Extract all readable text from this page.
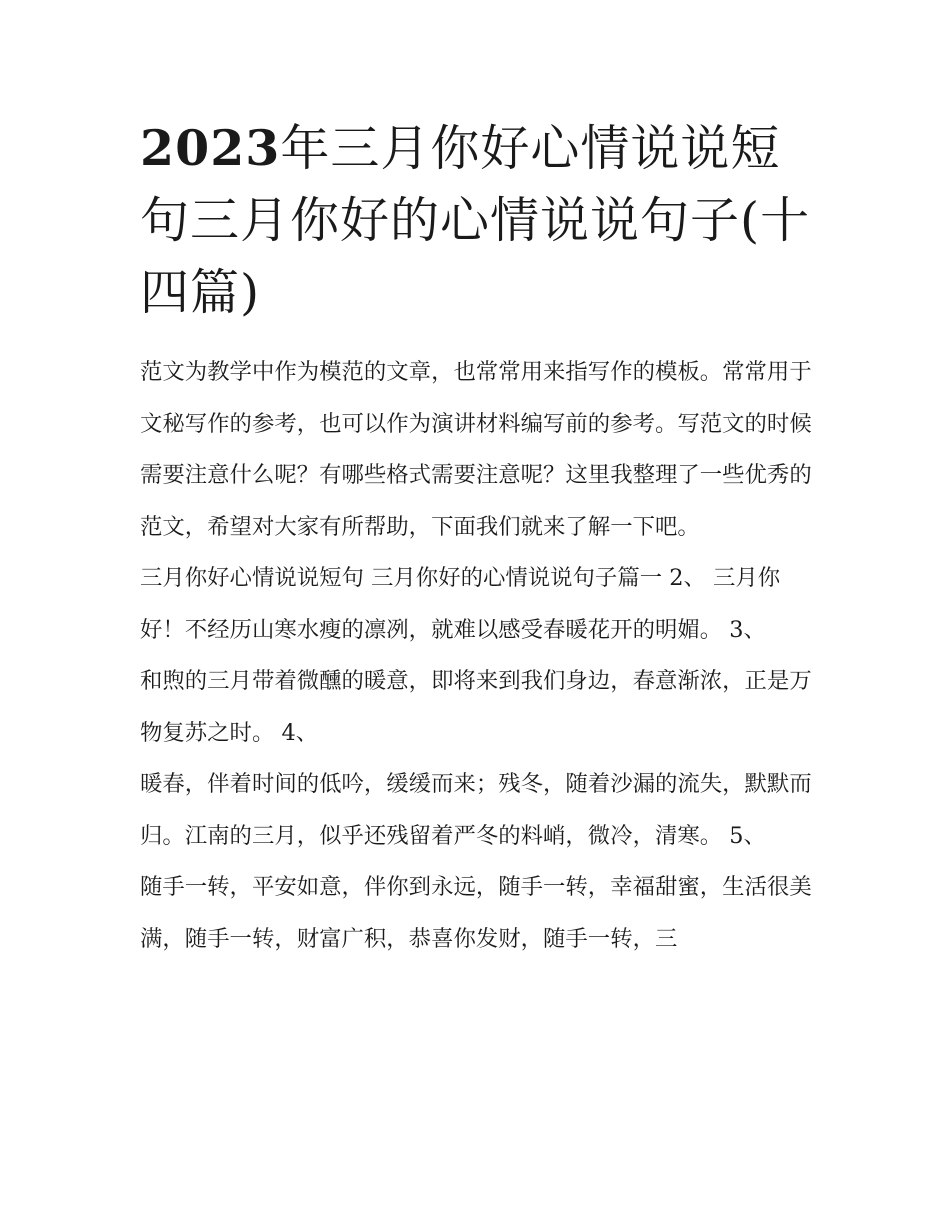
2023年三月你好心情说说短句三月你好的心情说说句子(十四篇)

范文为教学中作为模范的文章，也常常用来指写作的模板。常常用于文秘写作的参考，也可以作为演讲材料编写前的参考。写范文的时候需要注意什么呢？有哪些格式需要注意呢？这里我整理了一些优秀的范文，希望对大家有所帮助，下面我们就来了解一下吧。

三月你好心情说说短句 三月你好的心情说说句子篇一 2、 三月你好！不经历山寒水瘦的凛冽，就难以感受春暖花开的明媚。 3、

和煦的三月带着微醺的暖意，即将来到我们身边，春意渐浓，正是万物复苏之时。 4、

暖春，伴着时间的低吟，缓缓而来；残冬，随着沙漏的流失，默默而归。江南的三月，似乎还残留着严冬的料峭，微冷，清寒。 5、

随手一转，平安如意，伴你到永远，随手一转，幸福甜蜜，生活很美满，随手一转，财富广积，恭喜你发财，随手一转，三
